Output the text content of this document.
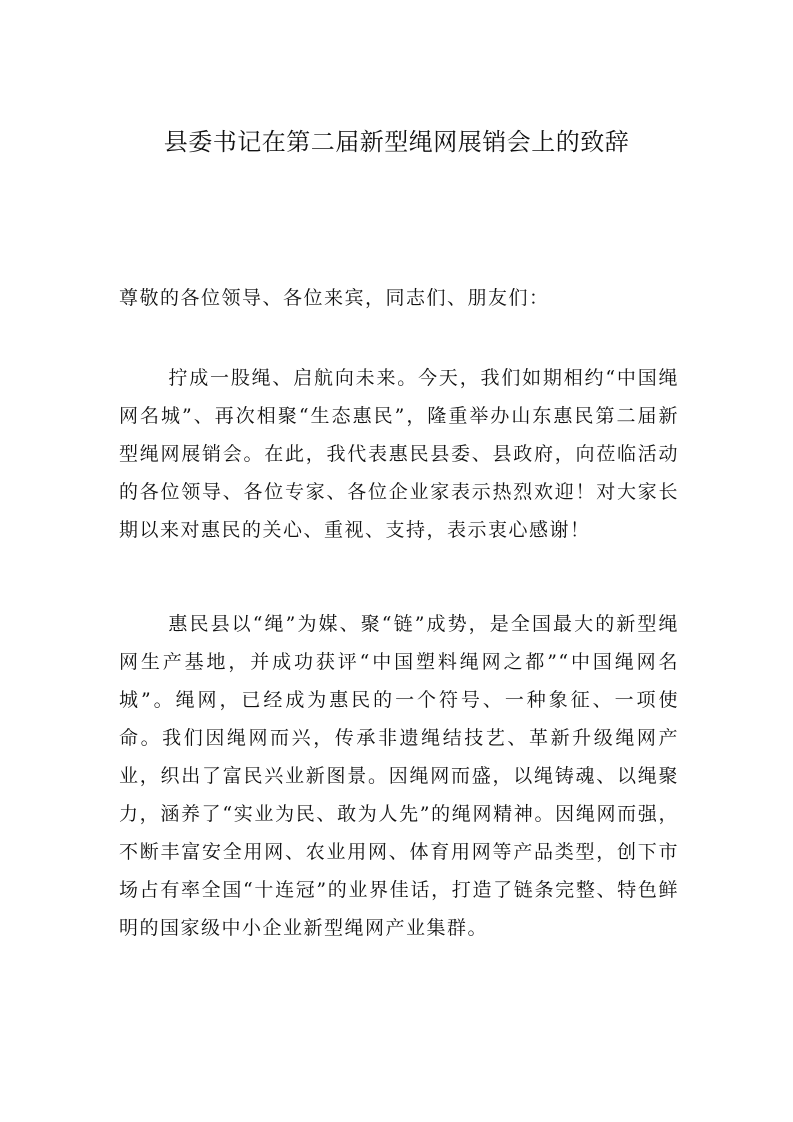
县委书记在第二届新型绳网展销会上的致辞

尊敬的各位领导、各位来宾，同志们、朋友们：

拧成一股绳、启航向未来。今天，我们如期相约“中国绳网名城”、再次相聚“生态惠民”，隆重举办山东惠民第二届新型绳网展销会。在此，我代表惠民县委、县政府，向莅临活动的各位领导、各位专家、各位企业家表示热烈欢迎！对大家长期以来对惠民的关心、重视、支持，表示衷心感谢！

惠民县以“绳”为媒、聚“链”成势，是全国最大的新型绳网生产基地，并成功获评“中国塑料绳网之都”“中国绳网名城”。绳网，已经成为惠民的一个符号、一种象征、一项使命。我们因绳网而兴，传承非遗绳结技艺、革新升级绳网产业，织出了富民兴业新图景。因绳网而盛，以绳铸魂、以绳聚力，涵养了“实业为民、敢为人先”的绳网精神。因绳网而强，不断丰富安全用网、农业用网、体育用网等产品类型，创下市场占有率全国“十连冠”的业界佳话，打造了链条完整、特色鲜明的国家级中小企业新型绳网产业集群。
